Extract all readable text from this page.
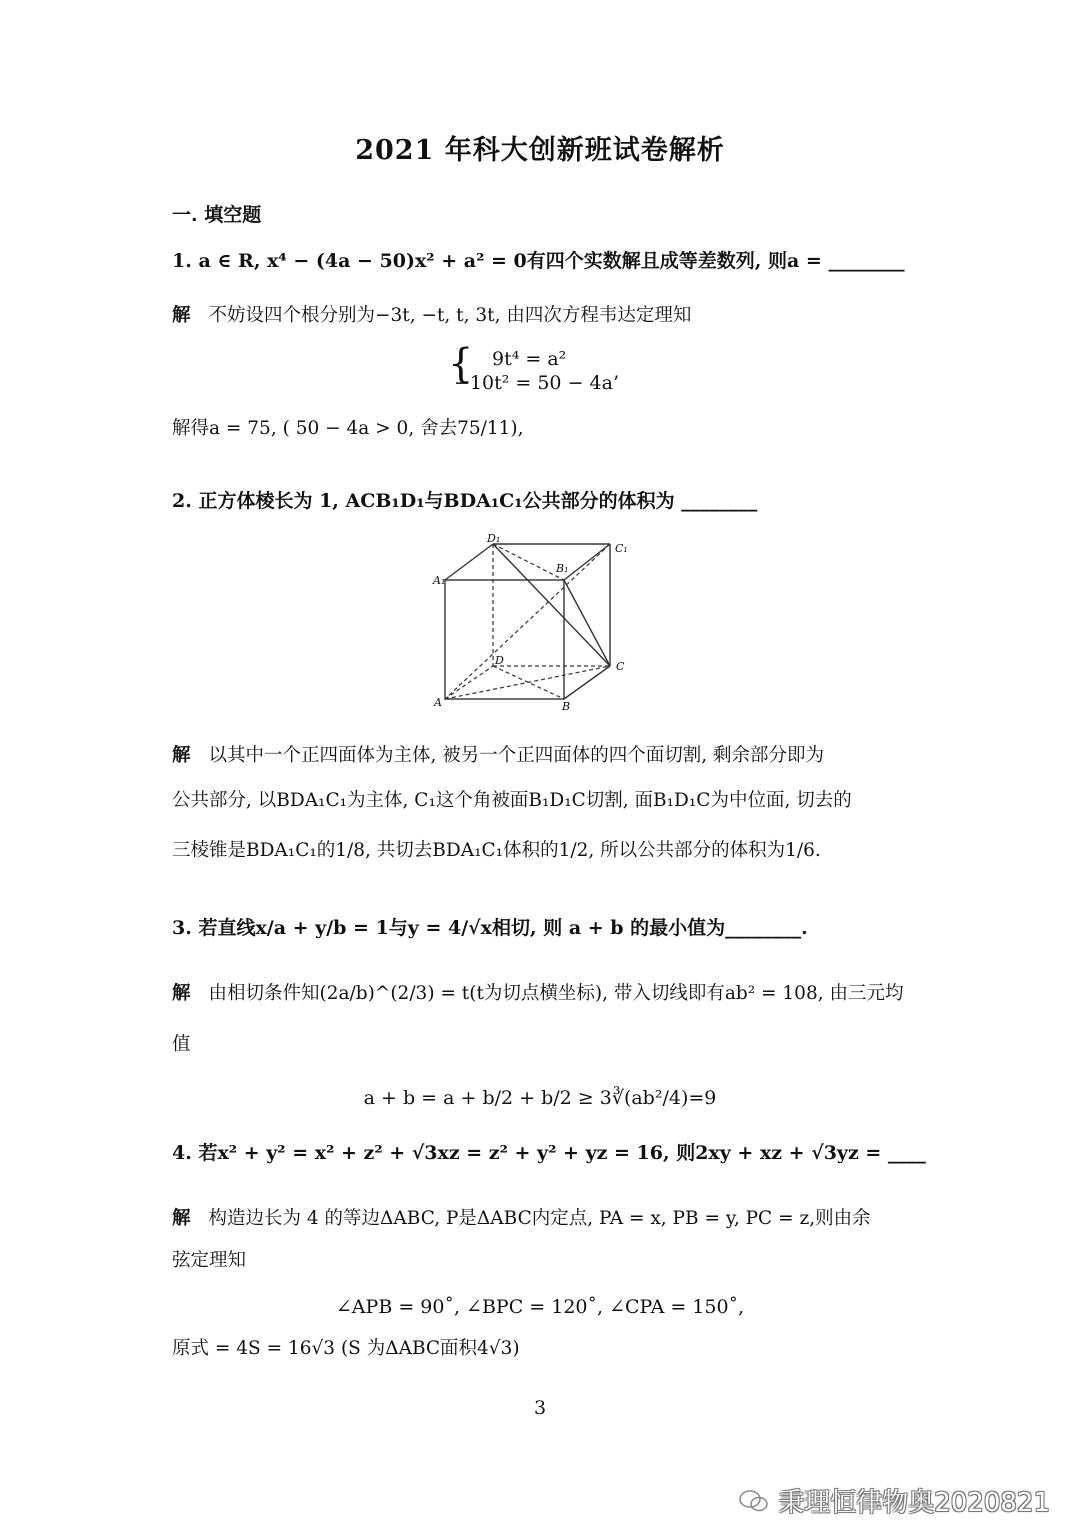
2021 年科大创新班试卷解析
一. 填空题
1. a ∈ R, x⁴ − (4a − 50)x² + a² = 0有四个实数解且成等差数列, 则a = ________
解 不妨设四个根分别为−3t, −t, t, 3t, 由四次方程韦达定理知
{ 9t⁴ = a²
−10t² = 50 − 4a’
解得a = 75, ( 50 − 4a > 0, 舍去75/11),
2. 正方体棱长为 1, ACB₁D₁与BDA₁C₁公共部分的体积为 ________
D₁
C₁
B₁
A₁
D	C
A	B
解 以其中一个正四面体为主体, 被另一个正四面体的四个面切割, 剩余部分即为
公共部分, 以BDA₁C₁为主体, C₁这个角被面B₁D₁C切割, 面B₁D₁C为中位面, 切去的
三棱锥是BDA₁C₁的1/8, 共切去BDA₁C₁体积的1/2, 所以公共部分的体积为1/6.
3. 若直线x/a + y/b = 1与y = 4/√x相切, 则 a + b 的最小值为________.
解 由相切条件知(2a/b)^(2/3) = t(t为切点横坐标), 带入切线即有ab² = 108, 由三元均
值
a + b = a + b/2 + b/2 ≥ 3∛(ab²/4)=9
4. 若x² + y² = x² + z² + √3xz = z² + y² + yz = 16, 则2xy + xz + √3yz = ____
解 构造边长为 4 的等边ΔABC, P是ΔABC内定点, PA = x, PB = y, PC = z,则由余
弦定理知
∠APB = 90˚, ∠BPC = 120˚, ∠CPA = 150˚,
原式 = 4S = 16√3 (S 为ΔABC面积4√3)
3
秉理恒律物奥2020821
